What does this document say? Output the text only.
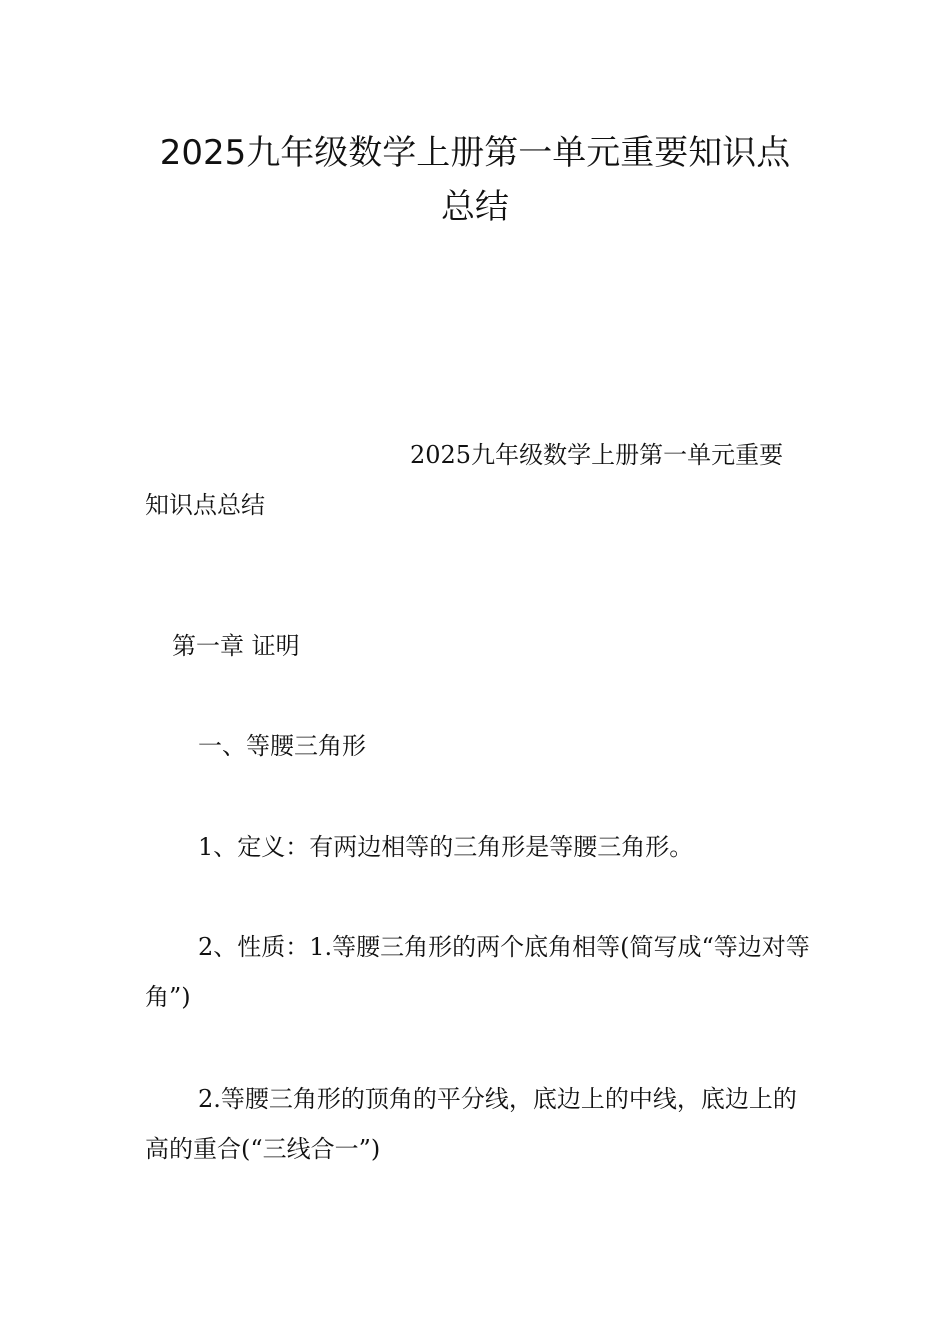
2025九年级数学上册第一单元重要知识点
总结

2025九年级数学上册第一单元重要
知识点总结

第一章 证明

一、等腰三角形

1、定义：有两边相等的三角形是等腰三角形。

2、性质：1.等腰三角形的两个底角相等(简写成“等边对等角”)

2.等腰三角形的顶角的平分线，底边上的中线，底边上的高的重合(“三线合一”)
